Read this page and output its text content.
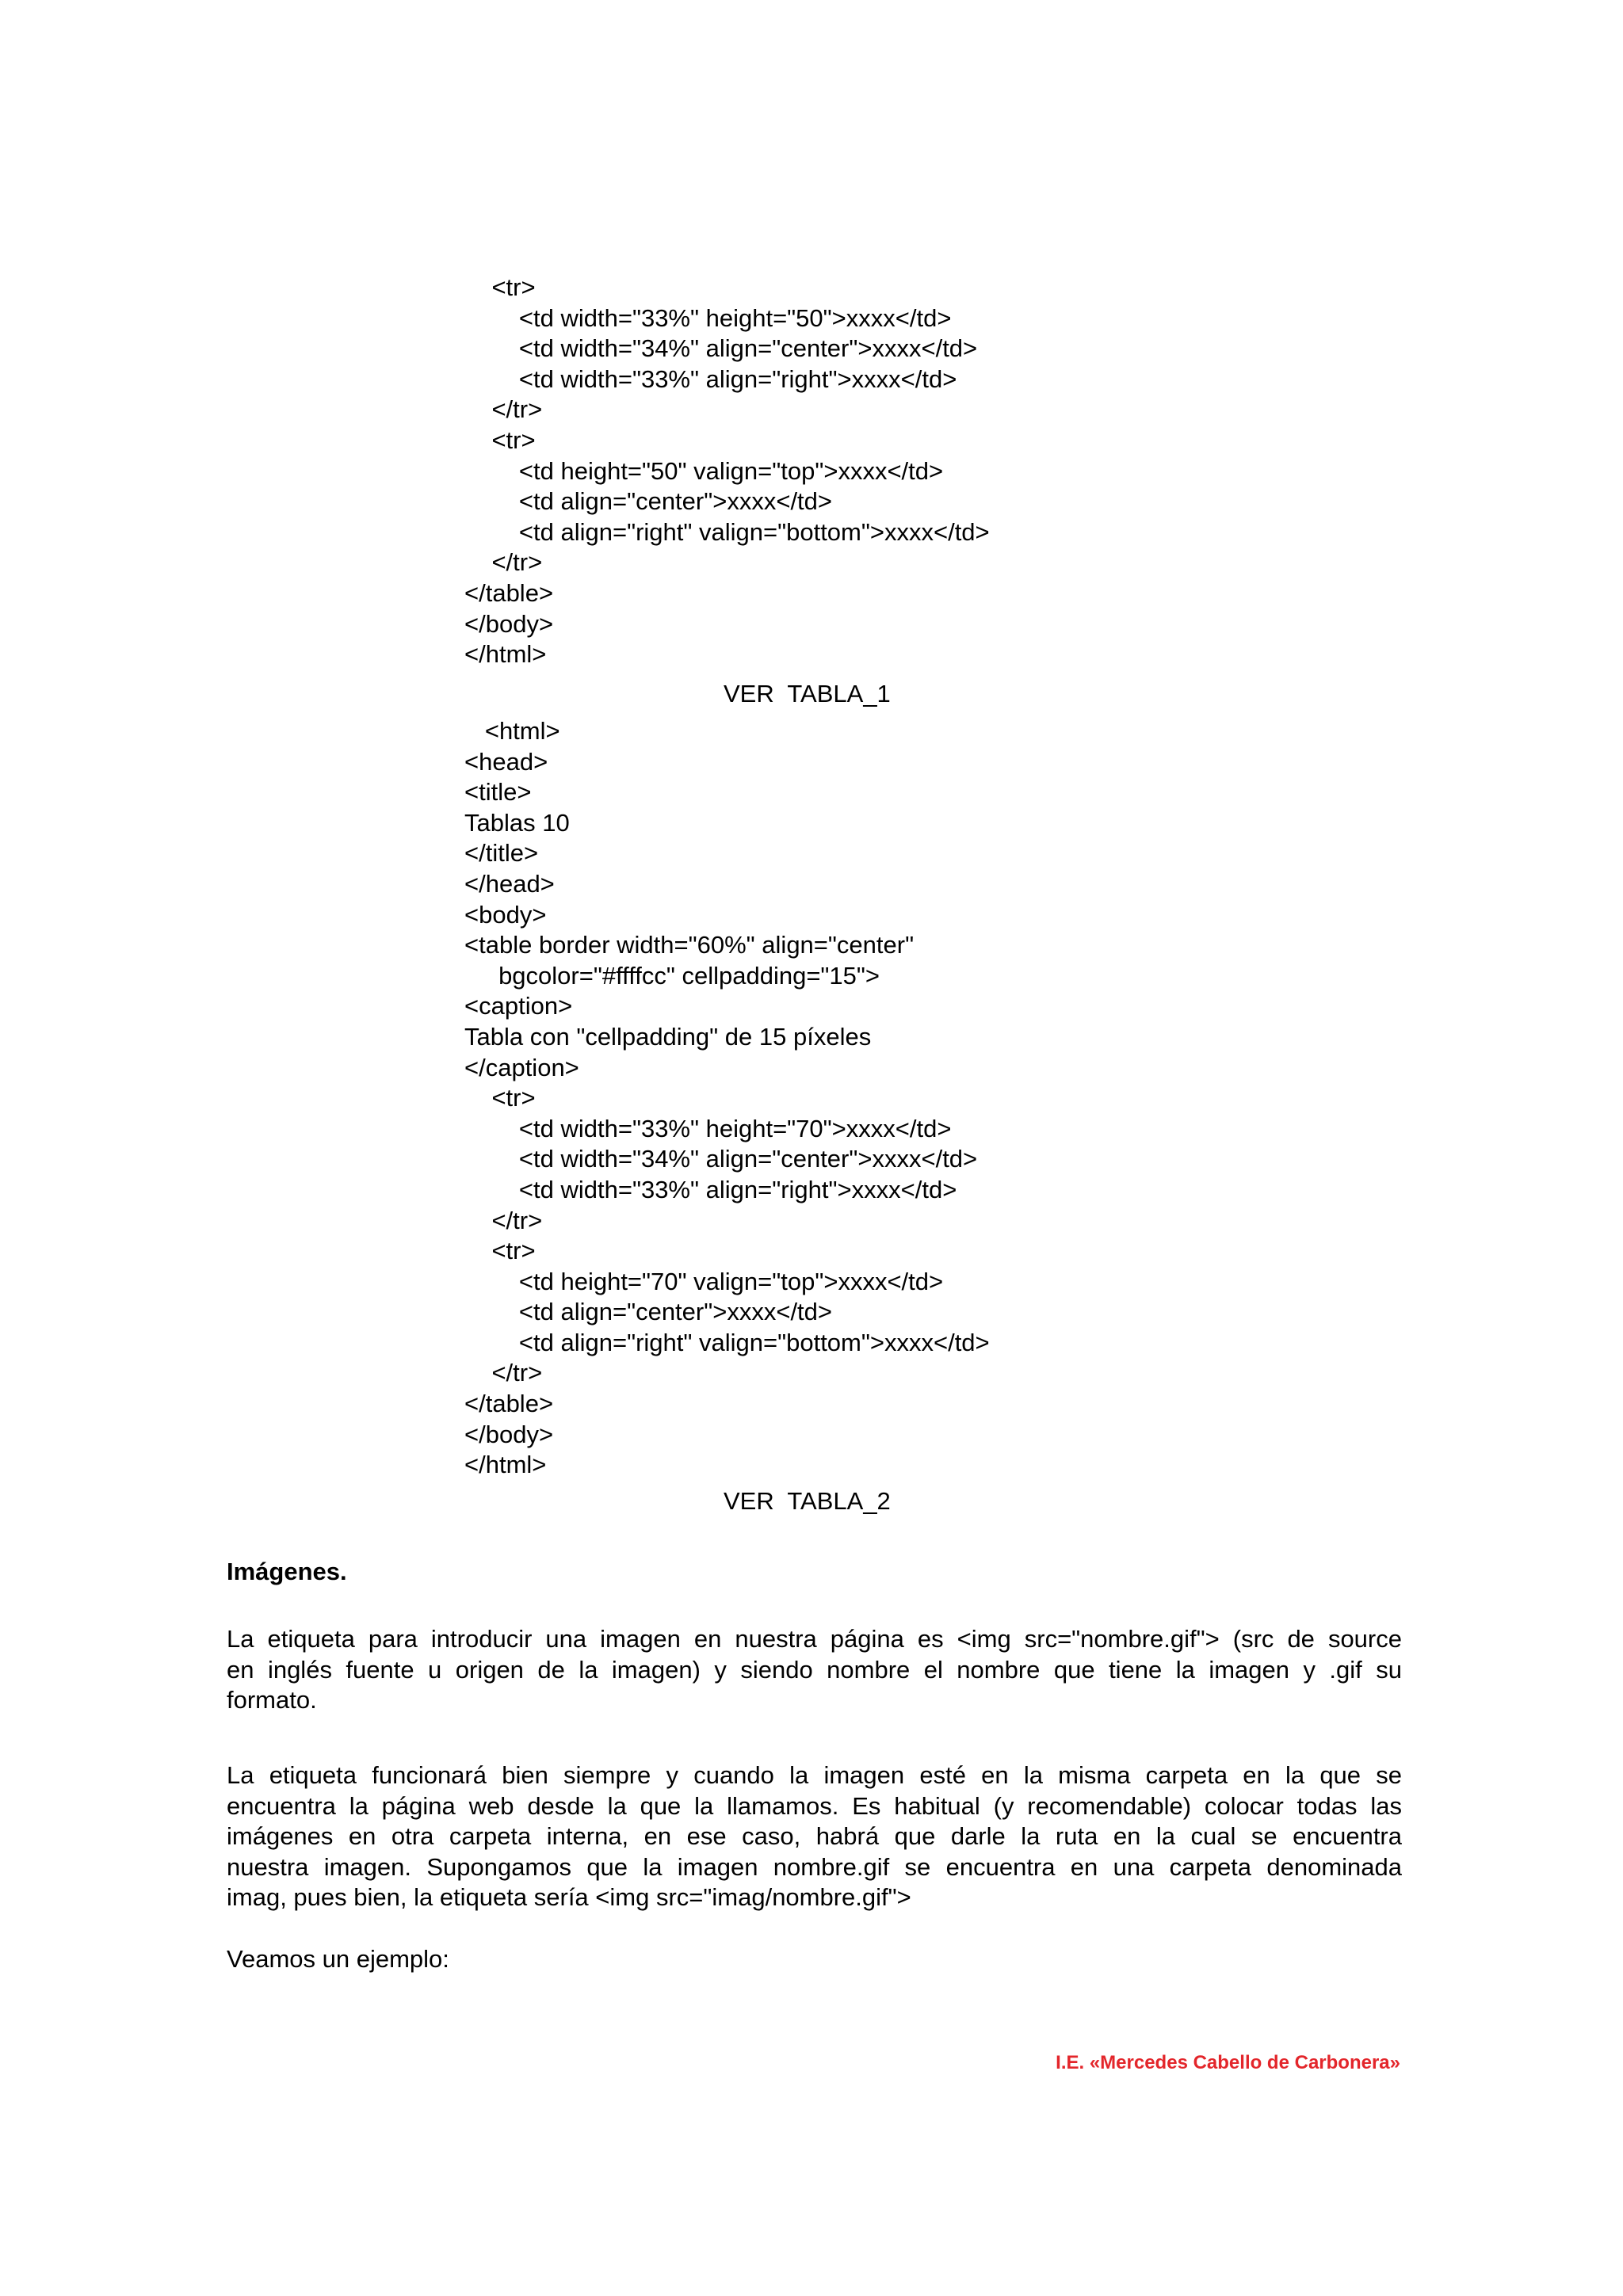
<tr>
<td width="33%" height="50">xxxx</td>
<td width="34%" align="center">xxxx</td>
<td width="33%" align="right">xxxx</td>
</tr>
<tr>
<td height="50" valign="top">xxxx</td>
<td align="center">xxxx</td>
<td align="right" valign="bottom">xxxx</td>
</tr>
</table>
</body>
</html>
VER  TABLA_1
<html>
<head>
<title>
Tablas 10
</title>
</head>
<body>
<table border width="60%" align="center"
bgcolor="#ffffcc" cellpadding="15">
<caption>
Tabla con "cellpadding" de 15 píxeles
</caption>
<tr>
<td width="33%" height="70">xxxx</td>
<td width="34%" align="center">xxxx</td>
<td width="33%" align="right">xxxx</td>
</tr>
<tr>
<td height="70" valign="top">xxxx</td>
<td align="center">xxxx</td>
<td align="right" valign="bottom">xxxx</td>
</tr>
</table>
</body>
</html>
VER  TABLA_2
Imágenes.
La etiqueta para introducir una imagen en nuestra página es <img src="nombre.gif"> (src de source
en inglés fuente u origen de la imagen) y siendo nombre el nombre que tiene la imagen y .gif su
formato.
La etiqueta funcionará bien siempre y cuando la imagen esté en la misma carpeta en la que se
encuentra la página web desde la que la llamamos. Es habitual (y recomendable) colocar todas las
imágenes en otra carpeta interna, en ese caso, habrá que darle la ruta en la cual se encuentra
nuestra imagen. Supongamos que la imagen nombre.gif se encuentra en una carpeta denominada
imag, pues bien, la etiqueta sería <img src="imag/nombre.gif">
Veamos un ejemplo:
I.E. «Mercedes Cabello de Carbonera»
